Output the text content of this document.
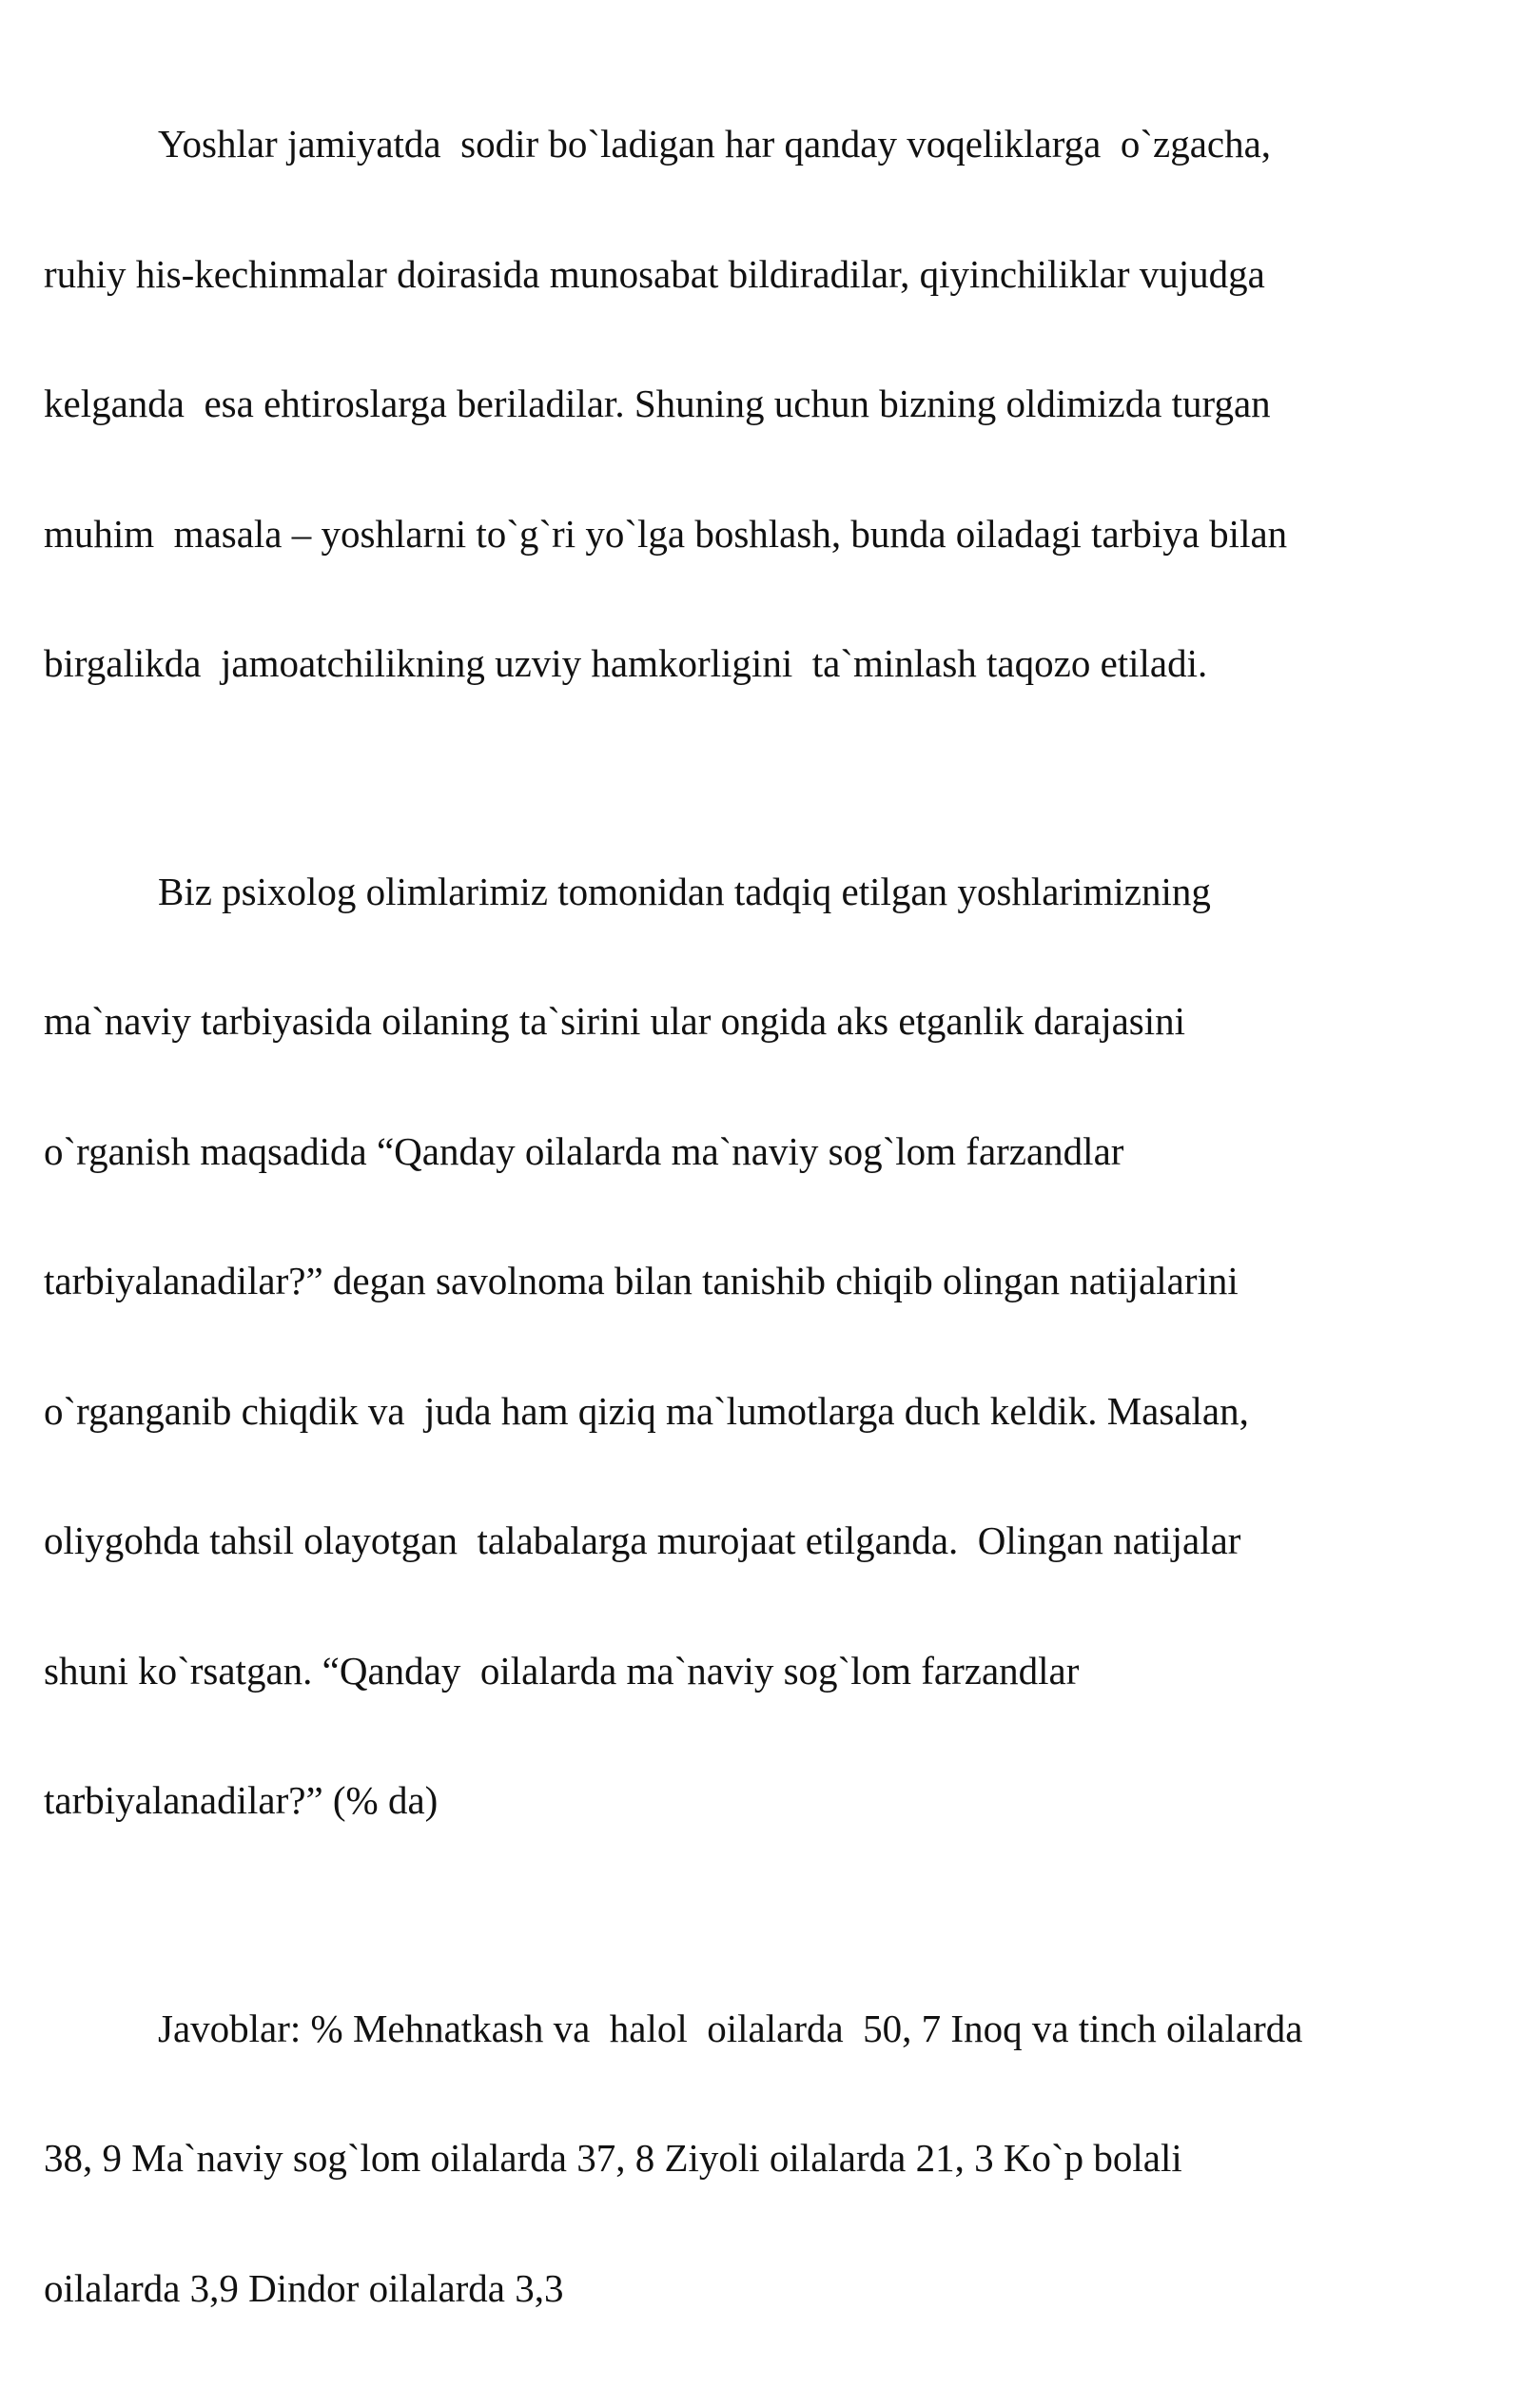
Yoshlar jamiyatda  sodir bo`ladigan har qanday voqeliklarga  o`zgacha,

ruhiy his-kechinmalar doirasida munosabat bildiradilar, qiyinchiliklar vujudga

kelganda  esa ehtiroslarga beriladilar. Shuning uchun bizning oldimizda turgan

muhim  masala – yoshlarni to`g`ri yo`lga boshlash, bunda oiladagi tarbiya bilan

birgalikda  jamoatchilikning uzviy hamkorligini  ta`minlash taqozo etiladi.

Biz psixolog olimlarimiz tomonidan tadqiq etilgan yoshlarimizning

ma`naviy tarbiyasida oilaning ta`sirini ular ongida aks etganlik darajasini

o`rganish maqsadida “Qanday oilalarda ma`naviy sog`lom farzandlar

tarbiyalanadilar?” degan savolnoma bilan tanishib chiqib olingan natijalarini

o`rganganib chiqdik va  juda ham qiziq ma`lumotlarga duch keldik. Masalan,

oliygohda tahsil olayotgan  talabalarga murojaat etilganda.  Olingan natijalar

shuni ko`rsatgan. “Qanday  oilalarda ma`naviy sog`lom farzandlar

tarbiyalanadilar?” (% da)

Javoblar: % Mehnatkash va  halol  oilalarda  50, 7 Inoq va tinch oilalarda

38, 9 Ma`naviy sog`lom oilalarda 37, 8 Ziyoli oilalarda 21, 3 Ko`p bolali

oilalarda 3,9 Dindor oilalarda 3,3
